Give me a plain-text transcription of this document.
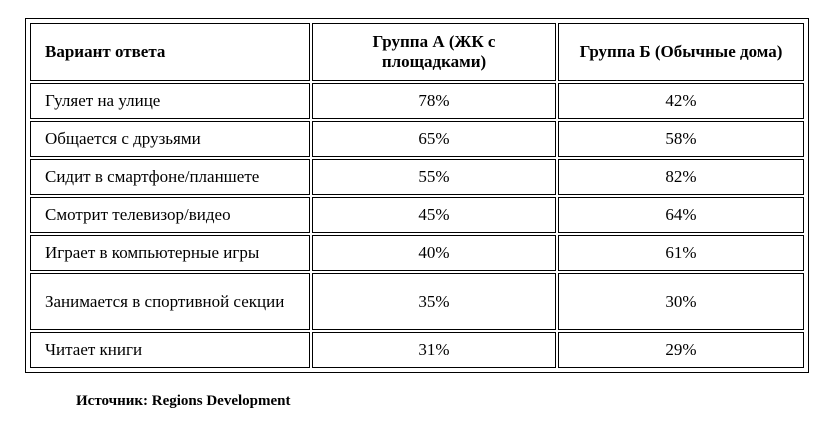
Вариант ответа	Группа А (ЖК с площадками)	Группа Б (Обычные дома)
Гуляет на улице	78%	42%
Общается с друзьями	65%	58%
Сидит в смартфоне/планшете	55%	82%
Смотрит телевизор/видео	45%	64%
Играет в компьютерные игры	40%	61%
Занимается в спортивной секции	35%	30%
Читает книги	31%	29%
Источник: Regions Development
